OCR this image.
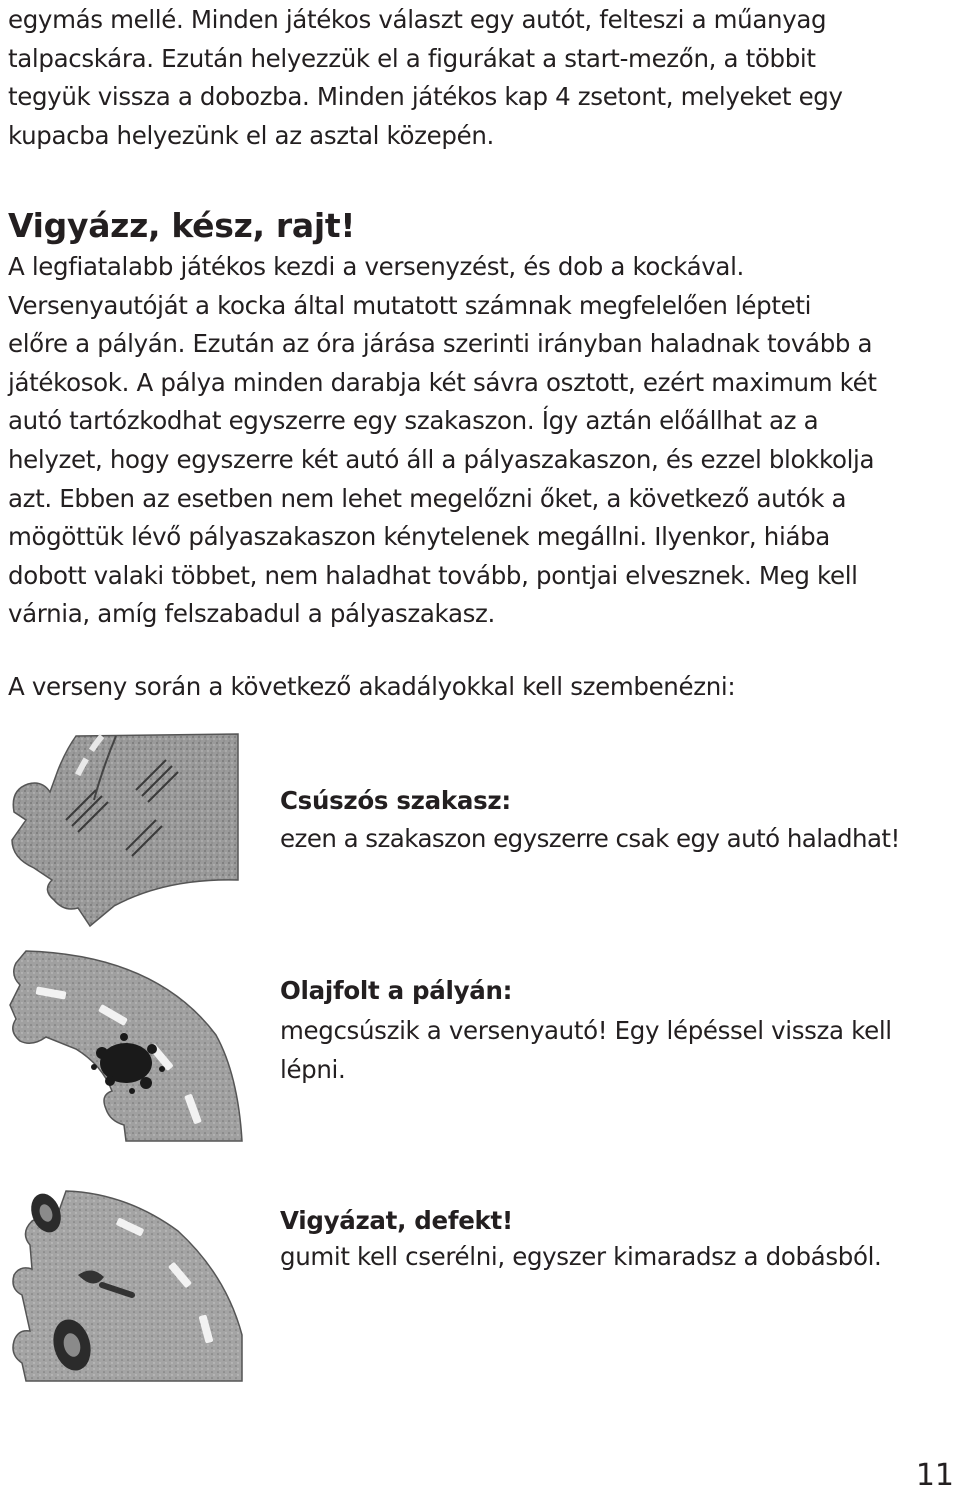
egymás mellé. Minden játékos választ egy autót, felteszi a műanyag
talpacskára. Ezután helyezzük el a figurákat a start-mezőn, a többit
tegyük vissza a dobozba. Minden játékos kap 4 zsetont, melyeket egy
kupacba helyezünk el az asztal közepén.
Vigyázz, kész, rajt!
A legfiatalabb játékos kezdi a versenyzést, és dob a kockával.
Versenyautóját a kocka által mutatott számnak megfelelően lépteti
előre a pályán. Ezután az óra járása szerinti irányban haladnak tovább a
játékosok. A pálya minden darabja két sávra osztott, ezért maximum két
autó tartózkodhat egyszerre egy szakaszon. Így aztán előállhat az a
helyzet, hogy egyszerre két autó áll a pályaszakaszon, és ezzel blokkolja
azt. Ebben az esetben nem lehet megelőzni őket, a következő autók a
mögöttük lévő pályaszakaszon kénytelenek megállni. Ilyenkor, hiába
dobott valaki többet, nem haladhat tovább, pontjai elvesznek. Meg kell
várnia, amíg felszabadul a pályaszakasz.
A verseny során a következő akadályokkal kell szembenézni:

Csúszós szakasz:

ezen a szakaszon egyszerre csak egy autó haladhat!

Olajfolt a pályán:

megcsúszik a versenyautó! Egy lépéssel vissza kell
lépni.

Vigyázat, defekt!

gumit kell cserélni, egyszer kimaradsz a dobásból.

11
